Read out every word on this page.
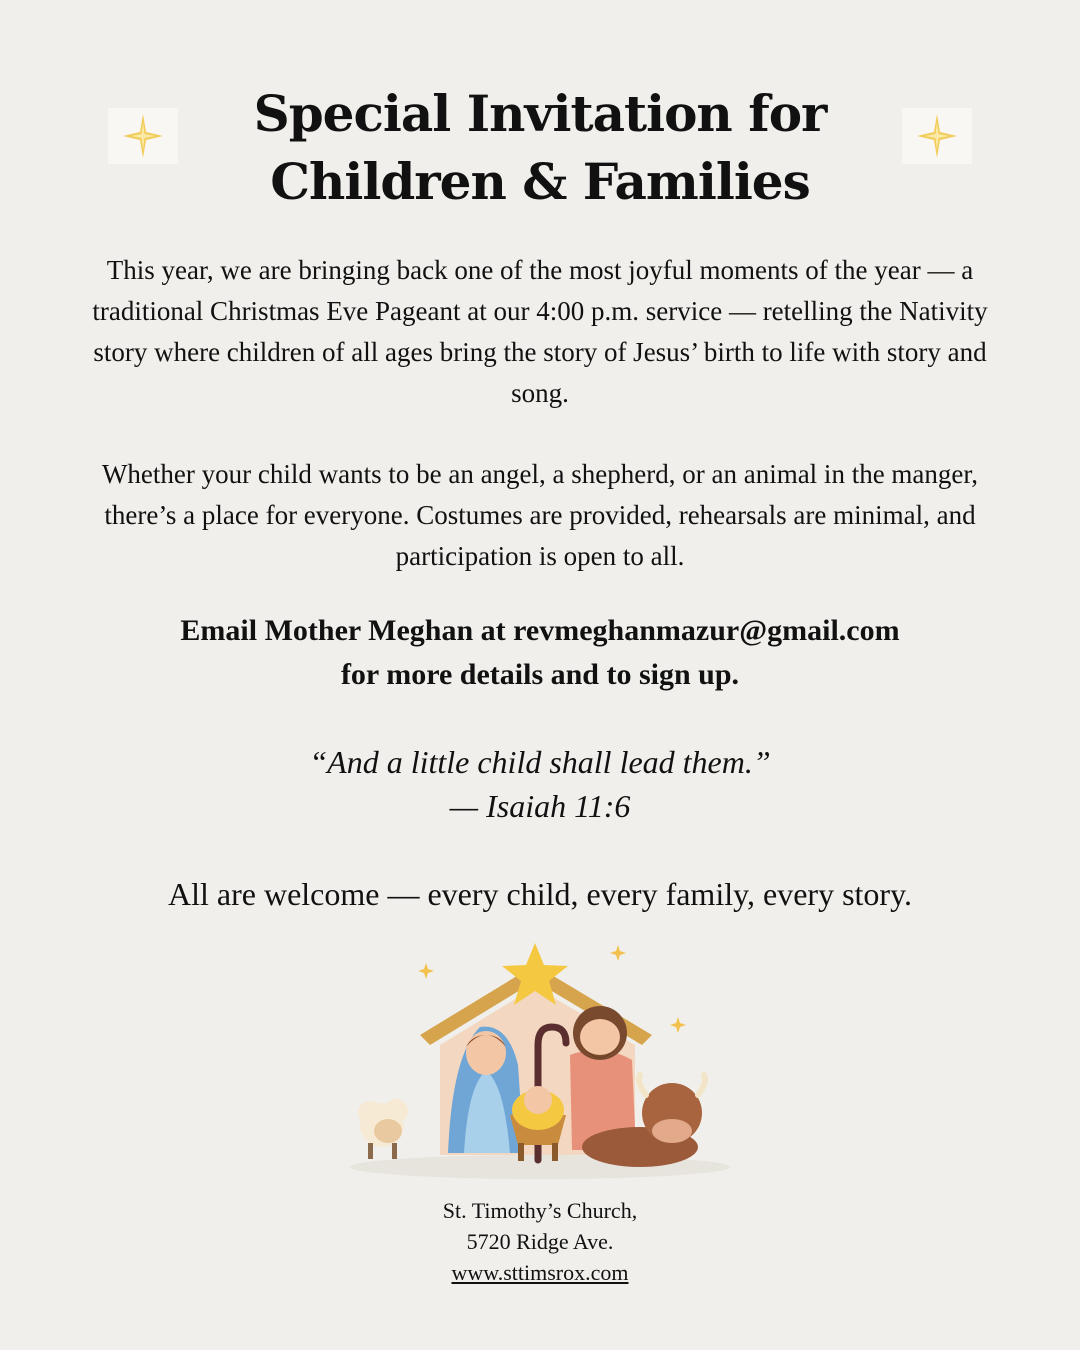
Special Invitation for
Children & Families

This year, we are bringing back one of the most joyful moments of the year — a traditional Christmas Eve Pageant at our 4:00 p.m. service — retelling the Nativity story where children of all ages bring the story of Jesus’ birth to life with story and song.

Whether your child wants to be an angel, a shepherd, or an animal in the manger, there’s a place for everyone. Costumes are provided, rehearsals are minimal, and participation is open to all.

Email Mother Meghan at revmeghanmazur@gmail.com
for more details and to sign up.

“And a little child shall lead them.”
— Isaiah 11:6

All are welcome — every child, every family, every story.

St. Timothy’s Church,
5720 Ridge Ave.
www.sttimsrox.com
